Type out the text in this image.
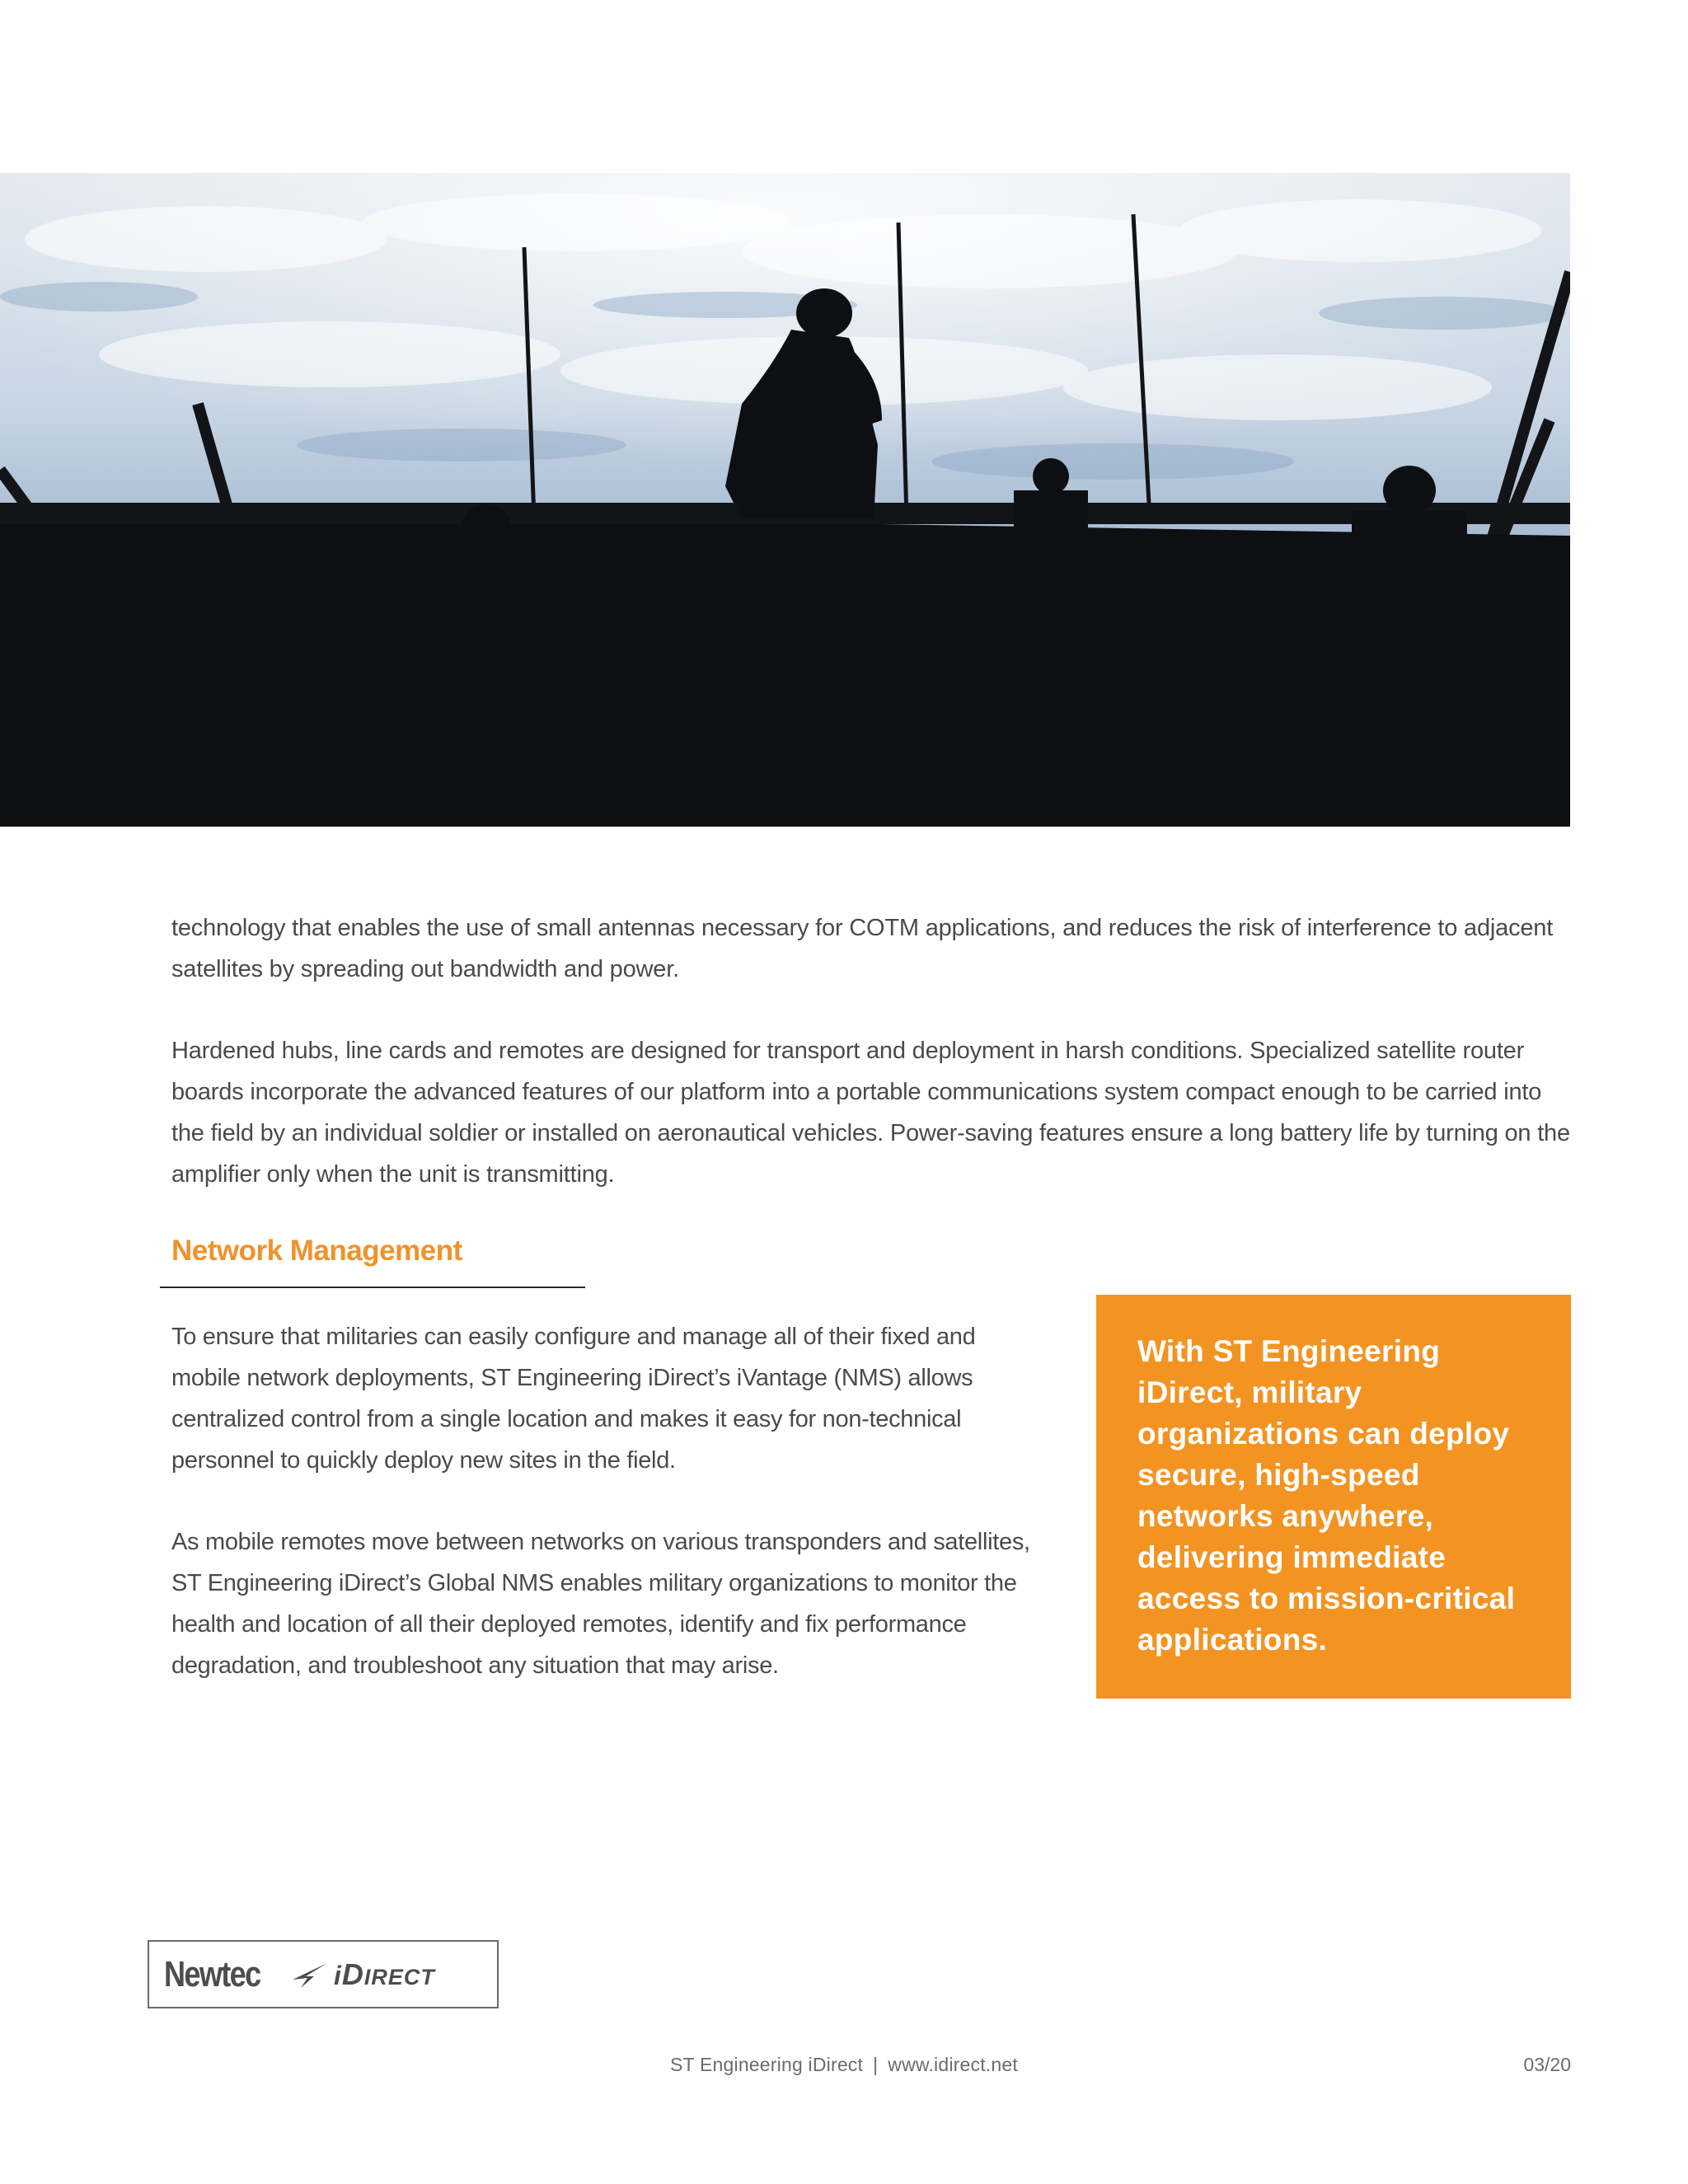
technology that enables the use of small antennas necessary for COTM applications, and reduces the risk of interference to adjacent satellites by spreading out bandwidth and power.

Hardened hubs, line cards and remotes are designed for transport and deployment in harsh conditions. Specialized satellite router boards incorporate the advanced features of our platform into a portable communications system compact enough to be carried into the field by an individual soldier or installed on aeronautical vehicles. Power-saving features ensure a long battery life by turning on the amplifier only when the unit is transmitting.

Network Management

To ensure that militaries can easily configure and manage all of their fixed and mobile network deployments, ST Engineering iDirect’s iVantage (NMS) allows centralized control from a single location and makes it easy for non-technical personnel to quickly deploy new sites in the field.

As mobile remotes move between networks on various transponders and satellites, ST Engineering iDirect’s Global NMS enables military organizations to monitor the health and location of all their deployed remotes, identify and fix performance degradation, and troubleshoot any situation that may arise.

With ST Engineering iDirect, military organizations can deploy secure, high-speed networks anywhere, delivering immediate access to mission-critical applications.

Newtec	iDIRECT
ST Engineering iDirect | www.idirect.net	03/20
